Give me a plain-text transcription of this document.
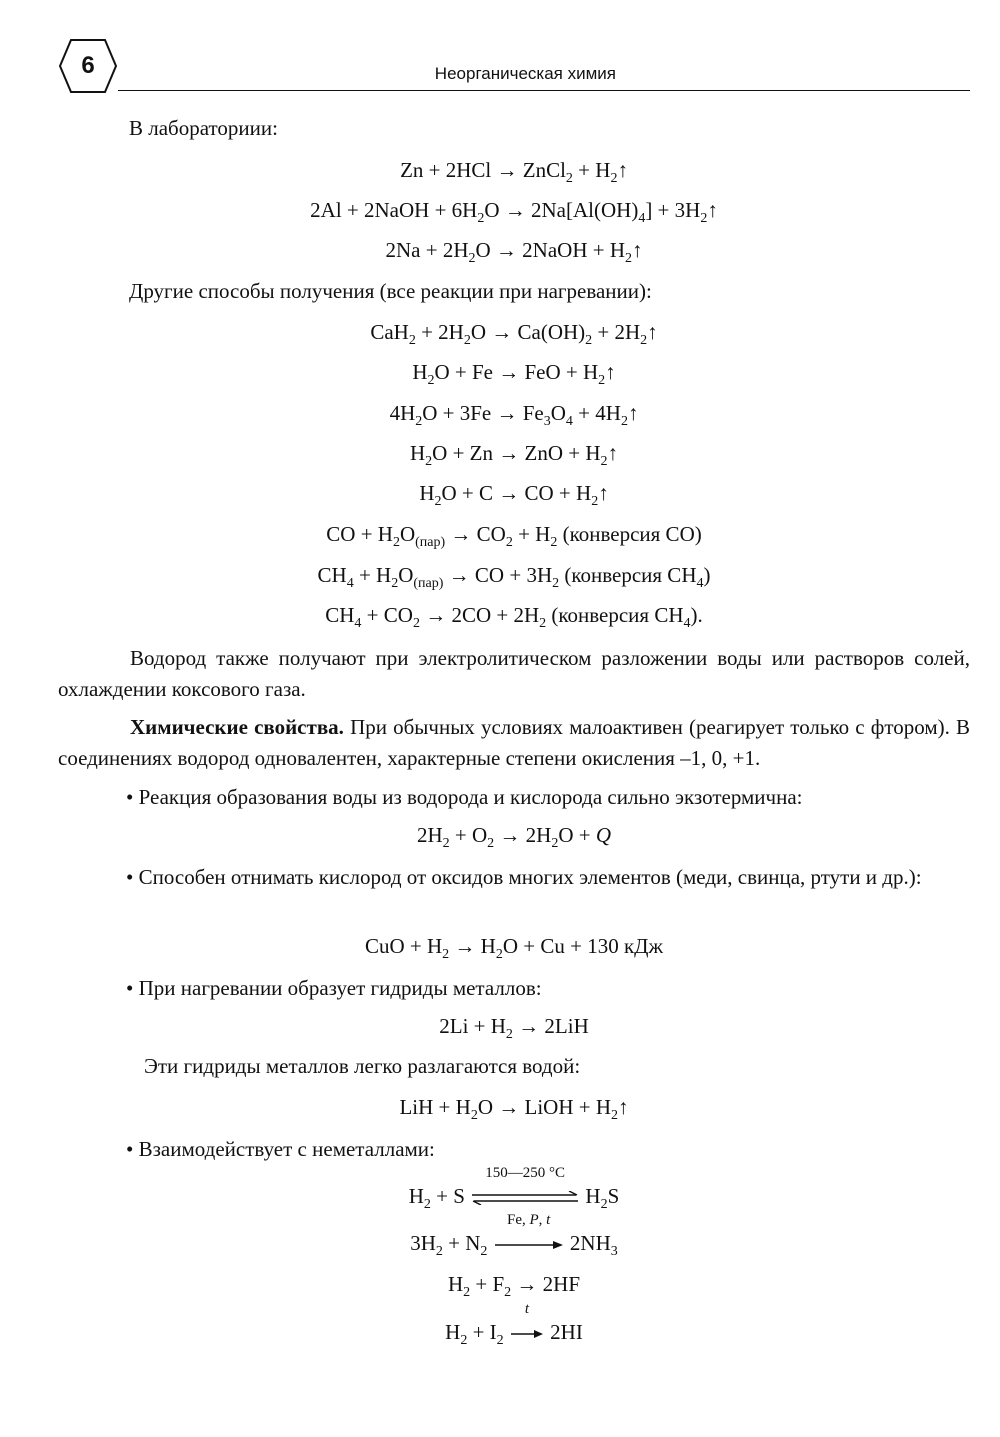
6	Неорганическая химия
В лабораториии:
Zn + 2HCl → ZnCl$_2$ + $H_2↑$
2Al + 2NaOH + $6H_2O \to 2Na[Al(OH)_4]$ + $3H_2↑$
$2Na + 2H_2O$ → 2NaOH + $H_2↑$
Другие способы получения (все реакции при нагревании):
$CaH_2 + 2H_2O \to Ca(OH)_2$ + $2H_2↑$
$H_2O + Fe$ → FeO + $H_2↑$
$4H_2O + 3Fe \to Fe_3O_4$ + $4H_2↑$
$H_2O + Zn$ → ZnO + $H_2↑$
$H_2O + C$ → CO + $H_2↑$
CO + $H_2O_{(пар)} \to CO_2 + H_2$ (конверсия СО)
$CH_4 + H_2O_{(пар)}$ → CO + $3H_2$ (конверсия $СН_4$)
$CH_4 + CO_2 \to 2CO + 2H_2$ (конверсия $СН_4$).
Водород также получают при электролитическом разложении воды или растворов солей, охлаждении коксового газа.
Химические свойства. При обычных условиях малоактивен (реагирует только с фтором). В соединениях водород одновалентен, характерные степени окисления –1, 0, +1.
• Реакция образования воды из водорода и кислорода сильно экзотермична:
$2H_2 + O_2 \to 2H_2O + Q$
• Способен отнимать кислород от оксидов многих элементов (меди, свинца, ртути и др.):
CuO + $H_2 \to H_2O + Cu + 130$ кДж
• При нагревании образует гидриды металлов:
$2Li + H_2 \to 2LiH$
Эти гидриды металлов легко разлагаются водой:
LiH + $H_2O$ → LiOH + $H_2↑$
• Взаимодействует с неметаллами:
$H_2 + S$
150—250 °С
$H_2S$
$3H_2 + N_2$
Fe, P, t
$2NH_3$
$H_2 + F_2 \to 2HF$
$H_2 + I_2$
t
2HI
